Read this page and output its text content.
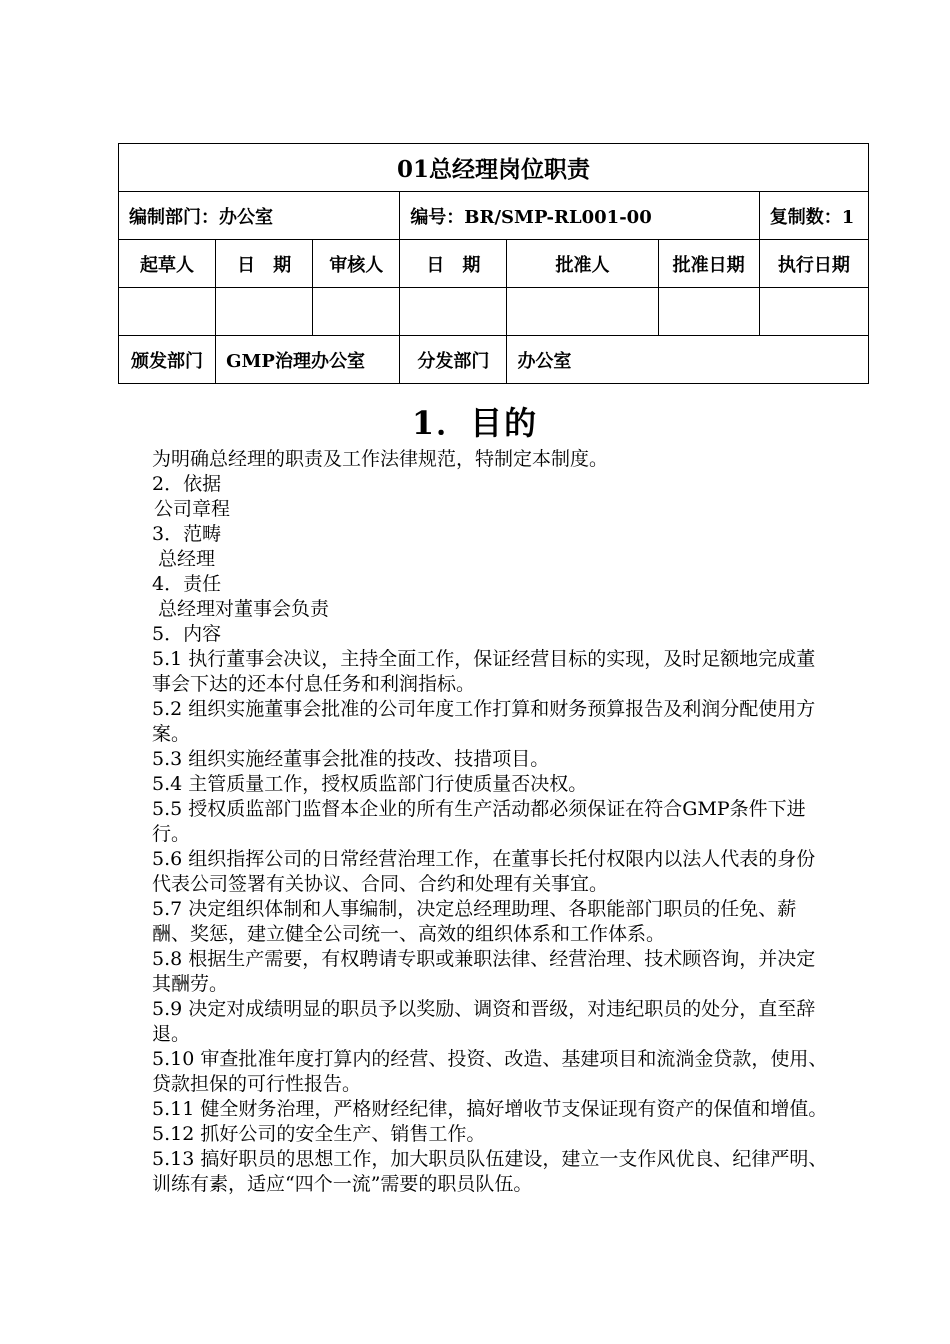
01总经理岗位职责						
编制部门：办公室			编号：BR/SMP-RL001-00			复制数：1
起草人	日　期	审核人	日　期	批准人	批准日期	执行日期

颁发部门	GMP治理办公室		分发部门	办公室		
1．目的

为明确总经理的职责及工作法律规范，特制定本制度。

2．依据

公司章程

3．范畴

总经理

4．责任

总经理对董事会负责

5．内容

5.1 执行董事会决议，主持全面工作，保证经营目标的实现，及时足额地完成董事会下达的还本付息任务和利润指标。

5.2 组织实施董事会批准的公司年度工作打算和财务预算报告及利润分配使用方案。

5.3 组织实施经董事会批准的技改、技措项目。

5.4 主管质量工作，授权质监部门行使质量否决权。

5.5 授权质监部门监督本企业的所有生产活动都必须保证在符合GMP条件下进行。

5.6 组织指挥公司的日常经营治理工作，在董事长托付权限内以法人代表的身份代表公司签署有关协议、合同、合约和处理有关事宜。

5.7 决定组织体制和人事编制，决定总经理助理、各职能部门职员的任免、薪酬、奖惩，建立健全公司统一、高效的组织体系和工作体系。

5.8 根据生产需要，有权聘请专职或兼职法律、经营治理、技术顾咨询，并决定其酬劳。

5.9 决定对成绩明显的职员予以奖励、调资和晋级，对违纪职员的处分，直至辞退。

5.10 审查批准年度打算内的经营、投资、改造、基建项目和流淌金贷款，使用、贷款担保的可行性报告。

5.11 健全财务治理，严格财经纪律，搞好增收节支保证现有资产的保值和增值。

5.12 抓好公司的安全生产、销售工作。

5.13 搞好职员的思想工作，加大职员队伍建设，建立一支作风优良、纪律严明、训练有素，适应“四个一流”需要的职员队伍。
